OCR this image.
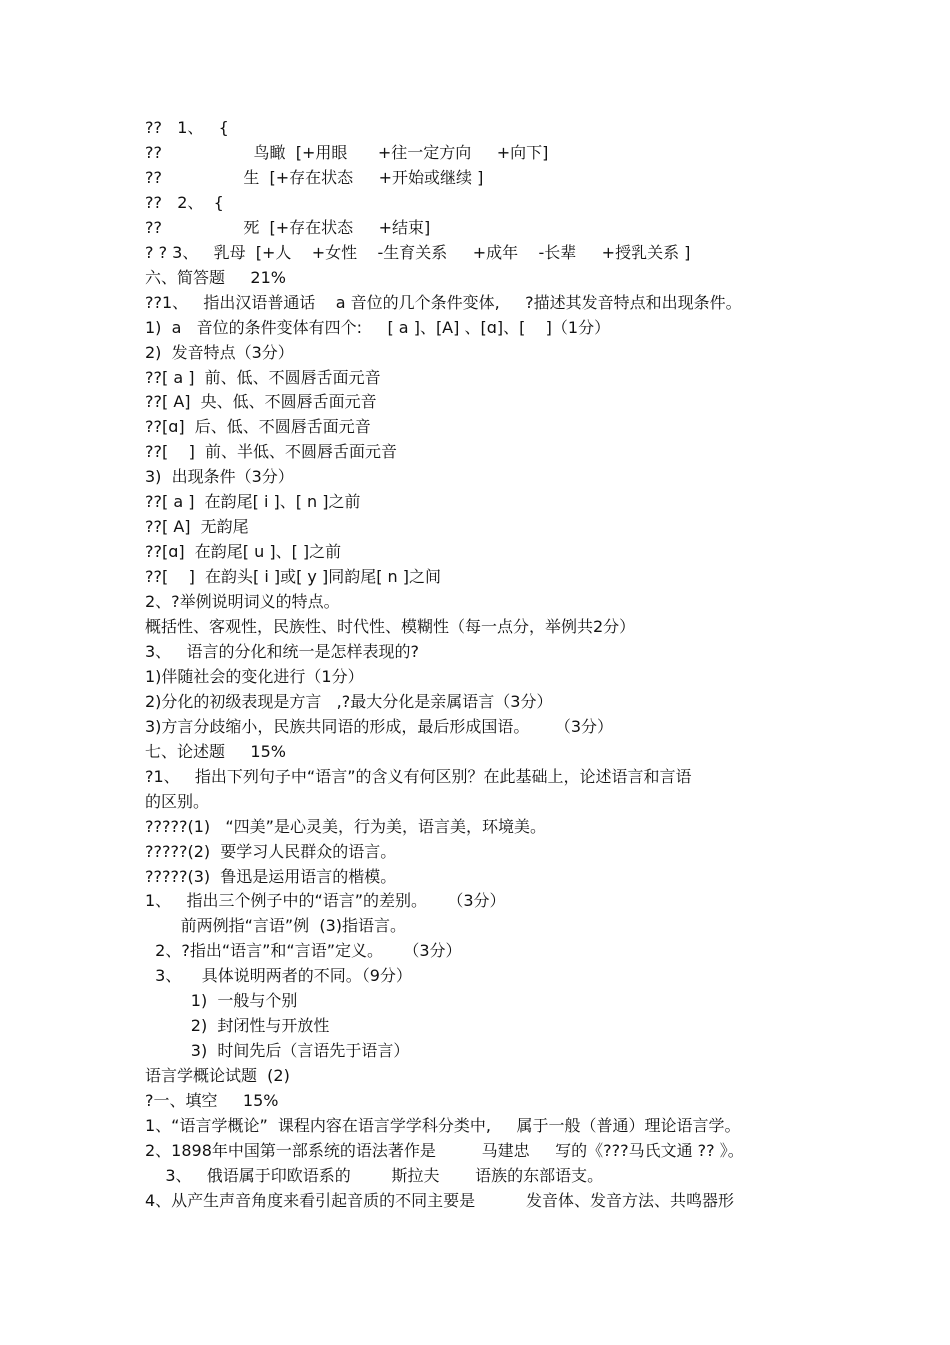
??   1、   {
??                  鸟瞰  [+用眼      +往一定方向     +向下]
??                生  [+存在状态     +开始或继续 ]
??   2、  {
??                死  [+存在状态     +结束]
? ? 3、   乳母  [+人    +女性    -生育关系     +成年    -长辈     +授乳关系 ]
六、简答题     21%
??1、   指出汉语普通话    a 音位的几个条件变体,     ?描述其发音特点和出现条件。
1)  a   音位的条件变体有四个:     [ a ]、[A] 、[ɑ]、[    ]（1分）
2)  发音特点（3分）
??[ a ]  前、低、不圆唇舌面元音
??[ A]  央、低、不圆唇舌面元音
??[ɑ]  后、低、不圆唇舌面元音
??[    ]  前、半低、不圆唇舌面元音
3)  出现条件（3分）
??[ a ]  在韵尾[ i ]、[ n ]之前
??[ A]  无韵尾
??[ɑ]  在韵尾[ u ]、[ ]之前
??[    ]  在韵头[ i ]或[ y ]同韵尾[ n ]之间
2、?举例说明词义的特点。
概括性、客观性，民族性、时代性、模糊性（每一点分，举例共2分）
3、   语言的分化和统一是怎样表现的?
1)伴随社会的变化进行（1分）
2)分化的初级表现是方言   ,?最大分化是亲属语言（3分）
3)方言分歧缩小，民族共同语的形成，最后形成国语。     （3分）
七、论述题     15%
?1、   指出下列句子中“语言”的含义有何区别？在此基础上，论述语言和言语
的区别。
?????(1)   “四美”是心灵美，行为美，语言美，环境美。
?????(2)  要学习人民群众的语言。
?????(3)  鲁迅是运用语言的楷模。
1、   指出三个例子中的“语言”的差别。    （3分）
前两例指“言语”例  (3)指语言。
2、?指出“语言”和“言语”定义。    （3分）
3、    具体说明两者的不同。（9分）
1)  一般与个别
2)  封闭性与开放性
3)  时间先后（言语先于语言）
语言学概论试题  (2)
?一、填空     15%
1、“语言学概论”  课程内容在语言学学科分类中,     属于一般（普通）理论语言学。
2、1898年中国第一部系统的语法著作是         马建忠     写的《???马氏文通 ?? 》。
3、   俄语属于印欧语系的        斯拉夫       语族的东部语支。
4、从产生声音角度来看引起音质的不同主要是          发音体、发音方法、共鸣器形
